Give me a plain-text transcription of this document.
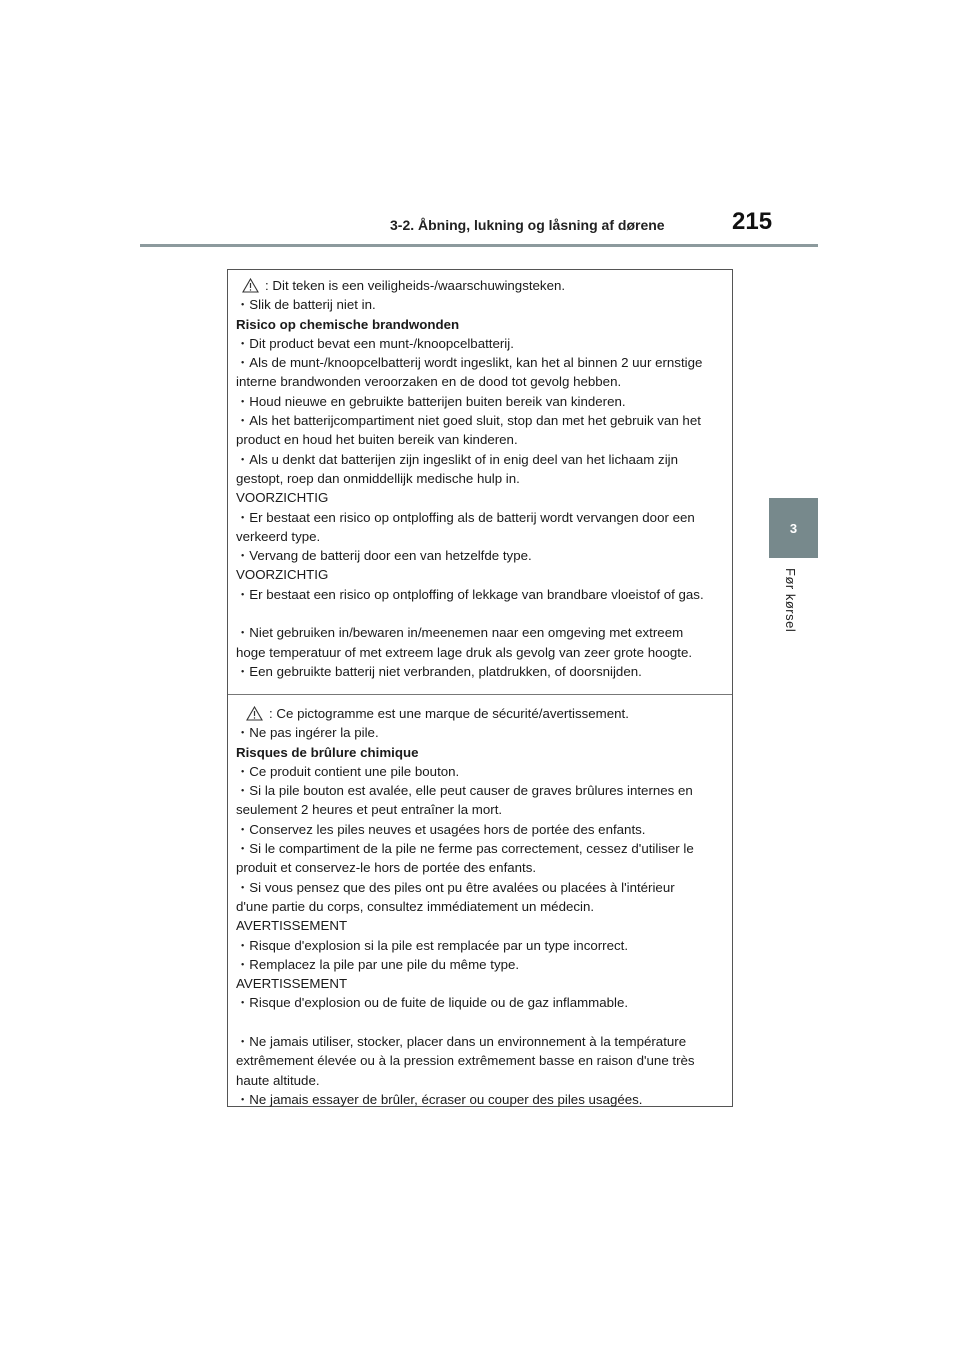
3-2. Åbning, lukning og låsning af dørene	215
3
Før kørsel
: Dit teken is een veiligheids-/waarschuwingsteken.
・Slik de batterij niet in.
Risico op chemische brandwonden
・Dit product bevat een munt-/knoopcelbatterij.
・Als de munt-/knoopcelbatterij wordt ingeslikt, kan het al binnen 2 uur ernstige
interne brandwonden veroorzaken en de dood tot gevolg hebben.
・Houd nieuwe en gebruikte batterijen buiten bereik van kinderen.
・Als het batterijcompartiment niet goed sluit, stop dan met het gebruik van het
product en houd het buiten bereik van kinderen.
・Als u denkt dat batterijen zijn ingeslikt of in enig deel van het lichaam zijn
gestopt, roep dan onmiddellijk medische hulp in.
VOORZICHTIG
・Er bestaat een risico op ontploffing als de batterij wordt vervangen door een
verkeerd type.
・Vervang de batterij door een van hetzelfde type.
VOORZICHTIG
・Er bestaat een risico op ontploffing of lekkage van brandbare vloeistof of gas.
・Niet gebruiken in/bewaren in/meenemen naar een omgeving met extreem
hoge temperatuur of met extreem lage druk als gevolg van zeer grote hoogte.
・Een gebruikte batterij niet verbranden, platdrukken, of doorsnijden.
: Ce pictogramme est une marque de sécurité/avertissement.
・Ne pas ingérer la pile.
Risques de brûlure chimique
・Ce produit contient une pile bouton.
・Si la pile bouton est avalée, elle peut causer de graves brûlures internes en
seulement 2 heures et peut entraîner la mort.
・Conservez les piles neuves et usagées hors de portée des enfants.
・Si le compartiment de la pile ne ferme pas correctement, cessez d'utiliser le
produit et conservez-le hors de portée des enfants.
・Si vous pensez que des piles ont pu être avalées ou placées à l'intérieur
d'une partie du corps, consultez immédiatement un médecin.
AVERTISSEMENT
・Risque d'explosion si la pile est remplacée par un type incorrect.
・Remplacez la pile par une pile du même type.
AVERTISSEMENT
・Risque d'explosion ou de fuite de liquide ou de gaz inflammable.
・Ne jamais utiliser, stocker, placer dans un environnement à la température
extrêmement élevée ou à la pression extrêmement basse en raison d'une très
haute altitude.
・Ne jamais essayer de brûler, écraser ou couper des piles usagées.
